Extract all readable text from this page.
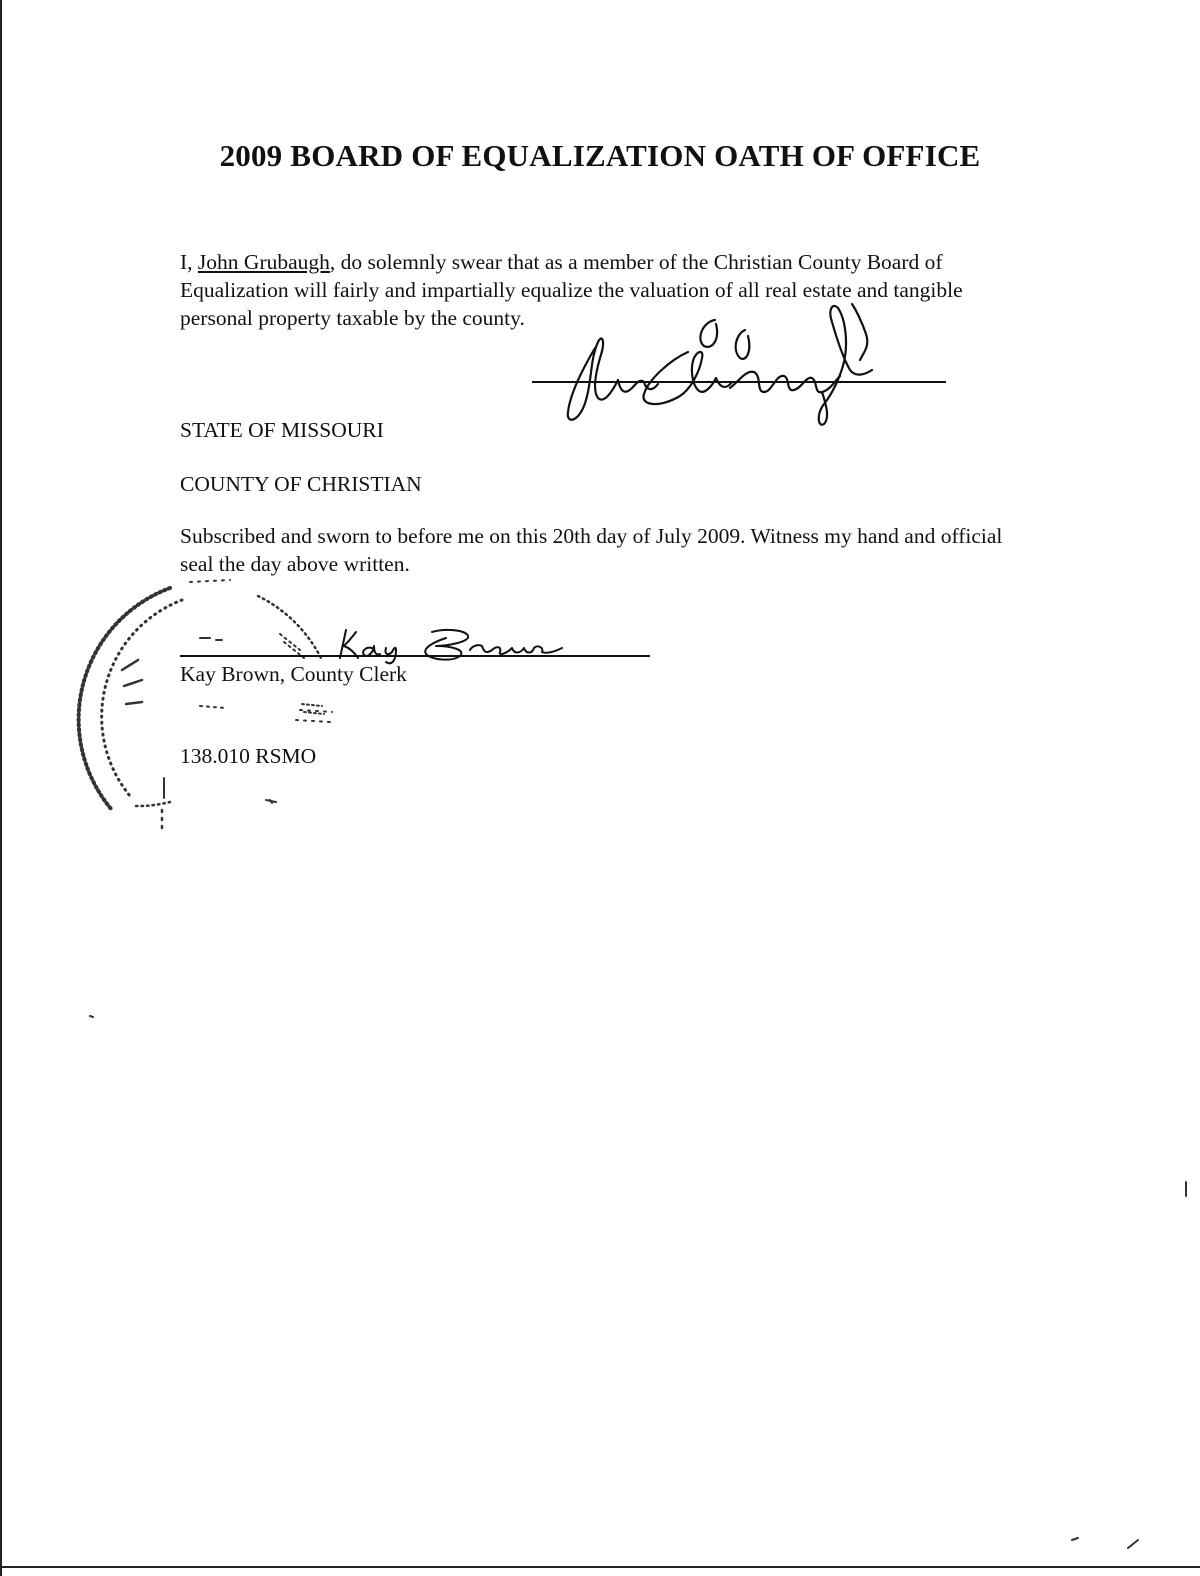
2009 BOARD OF EQUALIZATION OATH OF OFFICE
I, John Grubaugh, do solemnly swear that as a member of the Christian County Board of Equalization will fairly and impartially equalize the valuation of all real estate and tangible personal property taxable by the county.
STATE OF MISSOURI
COUNTY OF CHRISTIAN
Subscribed and sworn to before me on this 20th day of July 2009. Witness my hand and official seal the day above written.
Kay Brown, County Clerk
138.010 RSMO
